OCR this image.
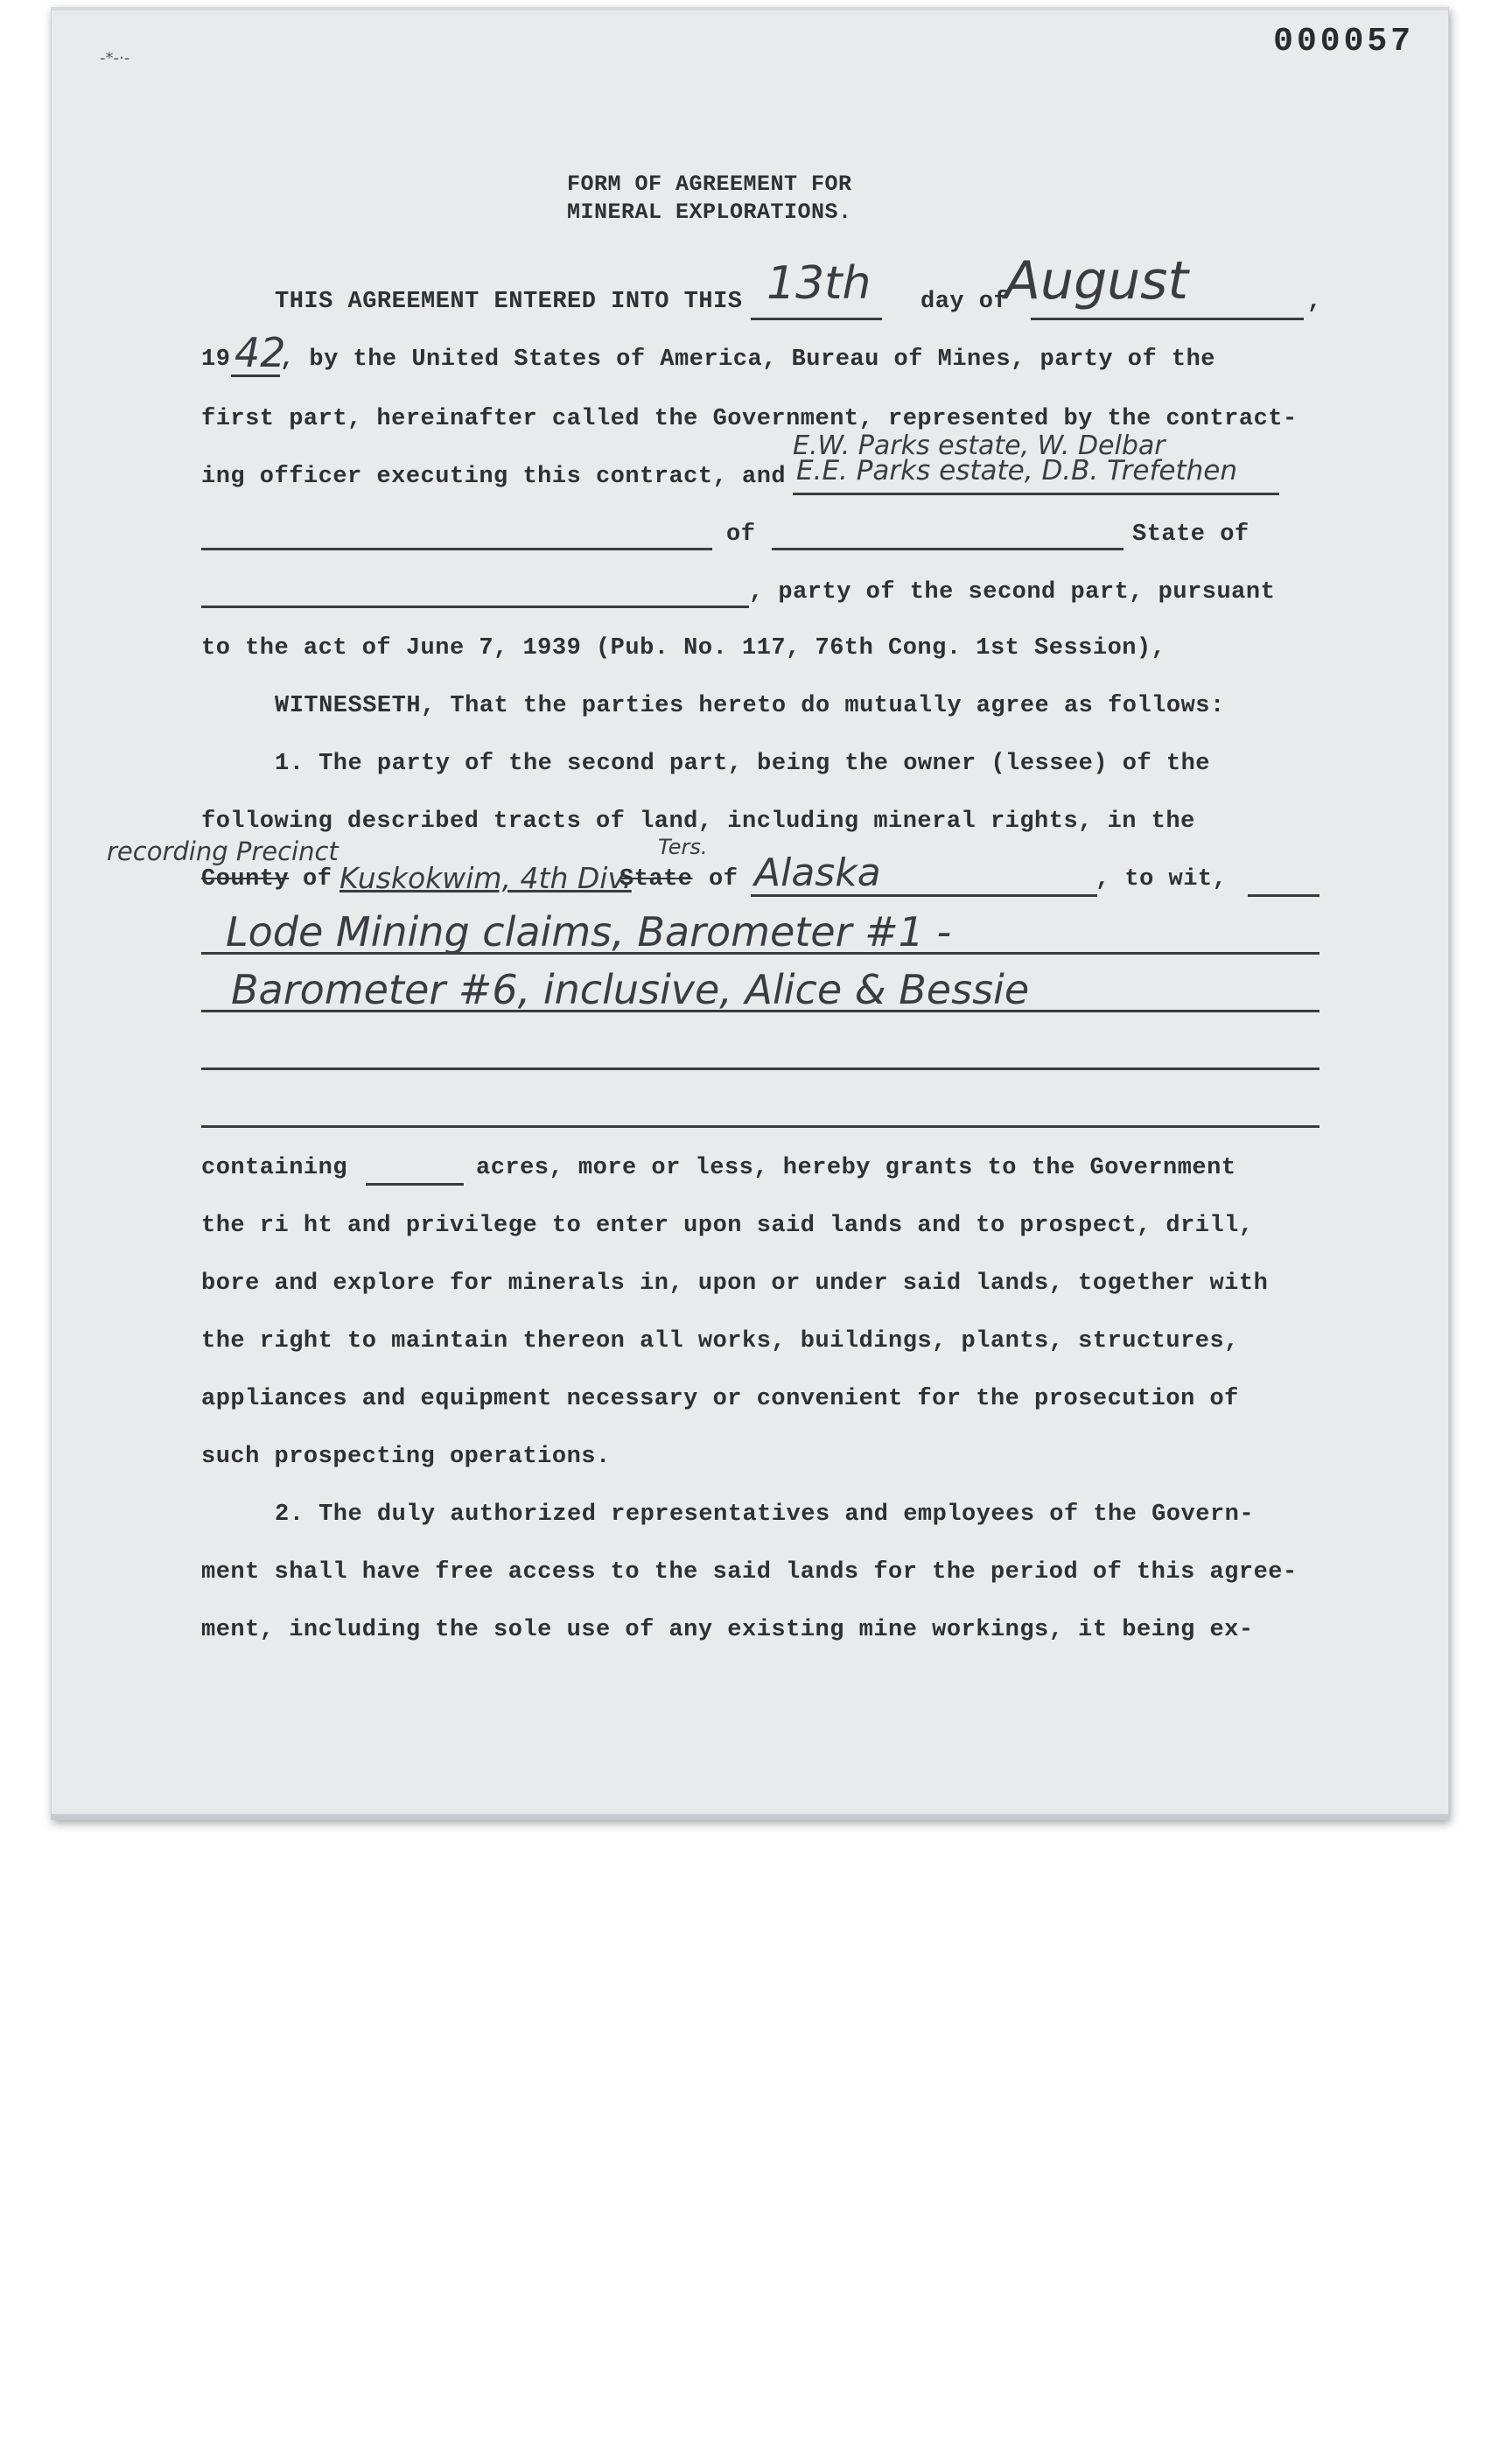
-*-·-	000057
FORM OF AGREEMENT FOR
MINERAL EXPLORATIONS.
THIS AGREEMENT ENTERED INTO THIS 13th day of
August	,
19 42
, by the United States of America, Bureau of Mines, party of the
first part, hereinafter called the Government, represented by the contract-
E.W. Parks estate, W. Delbar
ing officer executing this contract, and E.E. Parks estate, D.B. Trefethen
of	State of
, party of the second part, pursuant
to the act of June 7, 1939 (Pub. No. 117, 76th Cong. 1st Session),
WITNESSETH, That the parties hereto do mutually agree as follows:
1. The party of the second part, being the owner (lessee) of the
following described tracts of land, including mineral rights, in the
recording Precinct
County of Kuskokwim, 4th Div.
Ters.
State of Alaska	, to wit,
Lode Mining claims, Barometer #1 -
Barometer #6, inclusive, Alice & Bessie
containing	acres, more or less, hereby grants to the Government
the ri ht and privilege to enter upon said lands and to prospect, drill,
bore and explore for minerals in, upon or under said lands, together with
the right to maintain thereon all works, buildings, plants, structures,
appliances and equipment necessary or convenient for the prosecution of
such prospecting operations.
2. The duly authorized representatives and employees of the Govern-
ment shall have free access to the said lands for the period of this agree-
ment, including the sole use of any existing mine workings, it being ex-
